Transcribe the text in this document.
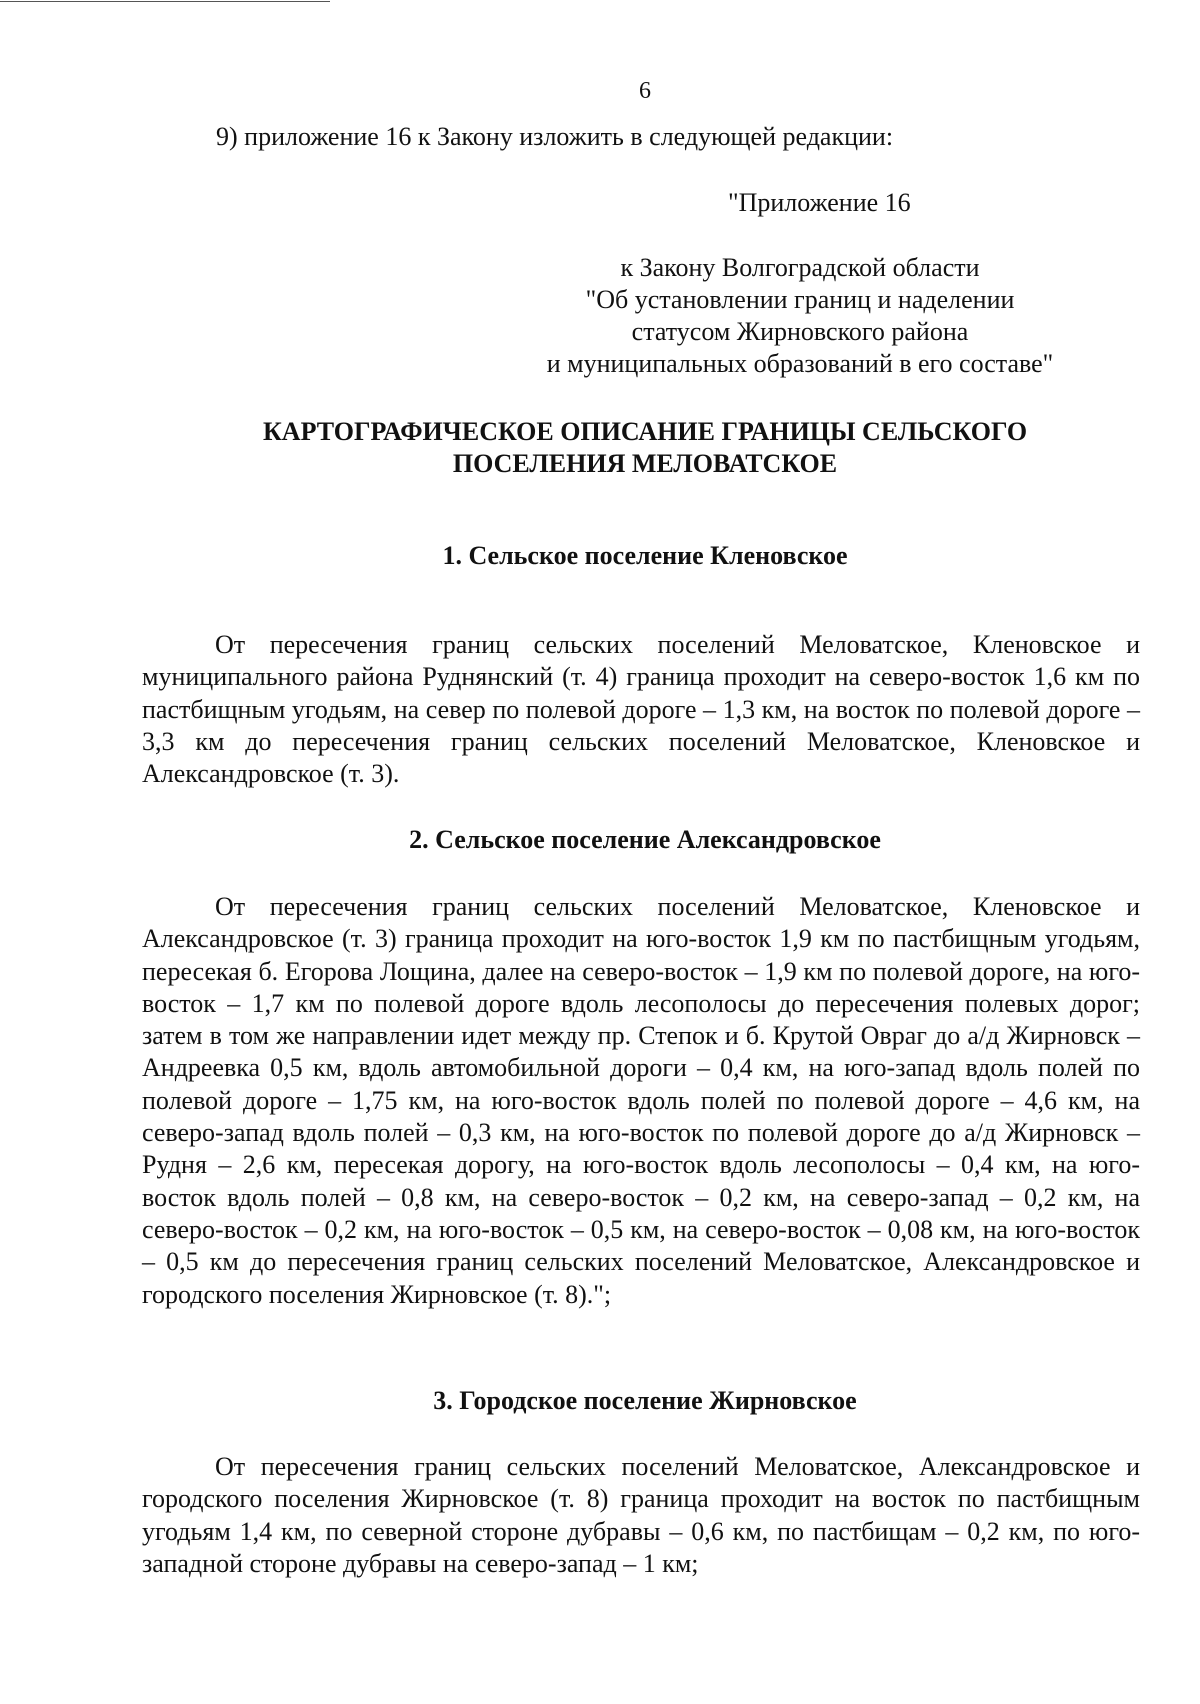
6
9) приложение 16 к Закону изложить в следующей редакции:
"Приложение 16
к Закону Волгоградской области
"Об установлении границ и наделении
статусом Жирновского района
и муниципальных образований в его составе"
КАРТОГРАФИЧЕСКОЕ ОПИСАНИЕ ГРАНИЦЫ СЕЛЬСКОГО
ПОСЕЛЕНИЯ МЕЛОВАТСКОЕ
1. Сельское поселение Кленовское

От пересечения границ сельских поселений Меловатское, Кленовское и муниципального района Руднянский (т. 4) граница проходит на северо-восток 1,6 км по пастбищным угодьям, на север по полевой дороге – 1,3 км, на восток по полевой дороге – 3,3 км до пересечения границ сельских поселений Меловатское, Кленовское и Александровское (т. 3).

2. Сельское поселение Александровское

От пересечения границ сельских поселений Меловатское, Кленовское и Александровское (т. 3) граница проходит на юго-восток 1,9 км по пастбищным угодьям, пересекая б. Егорова Лощина, далее на северо-восток – 1,9 км по полевой дороге, на юго-восток – 1,7 км по полевой дороге вдоль лесополосы до пересечения полевых дорог; затем в том же направлении идет между пр. Степок и б. Крутой Овраг до а/д Жирновск – Андреевка 0,5 км, вдоль автомобильной дороги – 0,4 км, на юго-запад вдоль полей по полевой дороге – 1,75 км, на юго-восток вдоль полей по полевой дороге – 4,6 км, на северо-запад вдоль полей – 0,3 км, на юго-восток по полевой дороге до а/д Жирновск – Рудня – 2,6 км, пересекая дорогу, на юго-восток вдоль лесополосы – 0,4 км, на юго-восток вдоль полей – 0,8 км, на северо-восток – 0,2 км, на северо-запад – 0,2 км, на северо-восток – 0,2 км, на юго-восток – 0,5 км, на северо-восток – 0,08 км, на юго-восток – 0,5 км до пересечения границ сельских поселений Меловатское, Александровское и городского поселения Жирновское (т. 8).";

3. Городское поселение Жирновское

От пересечения границ сельских поселений Меловатское, Александровское и городского поселения Жирновское (т. 8) граница проходит на восток по пастбищным угодьям 1,4 км, по северной стороне дубравы – 0,6 км, по пастбищам – 0,2 км, по юго-западной стороне дубравы на северо-запад – 1 км;
